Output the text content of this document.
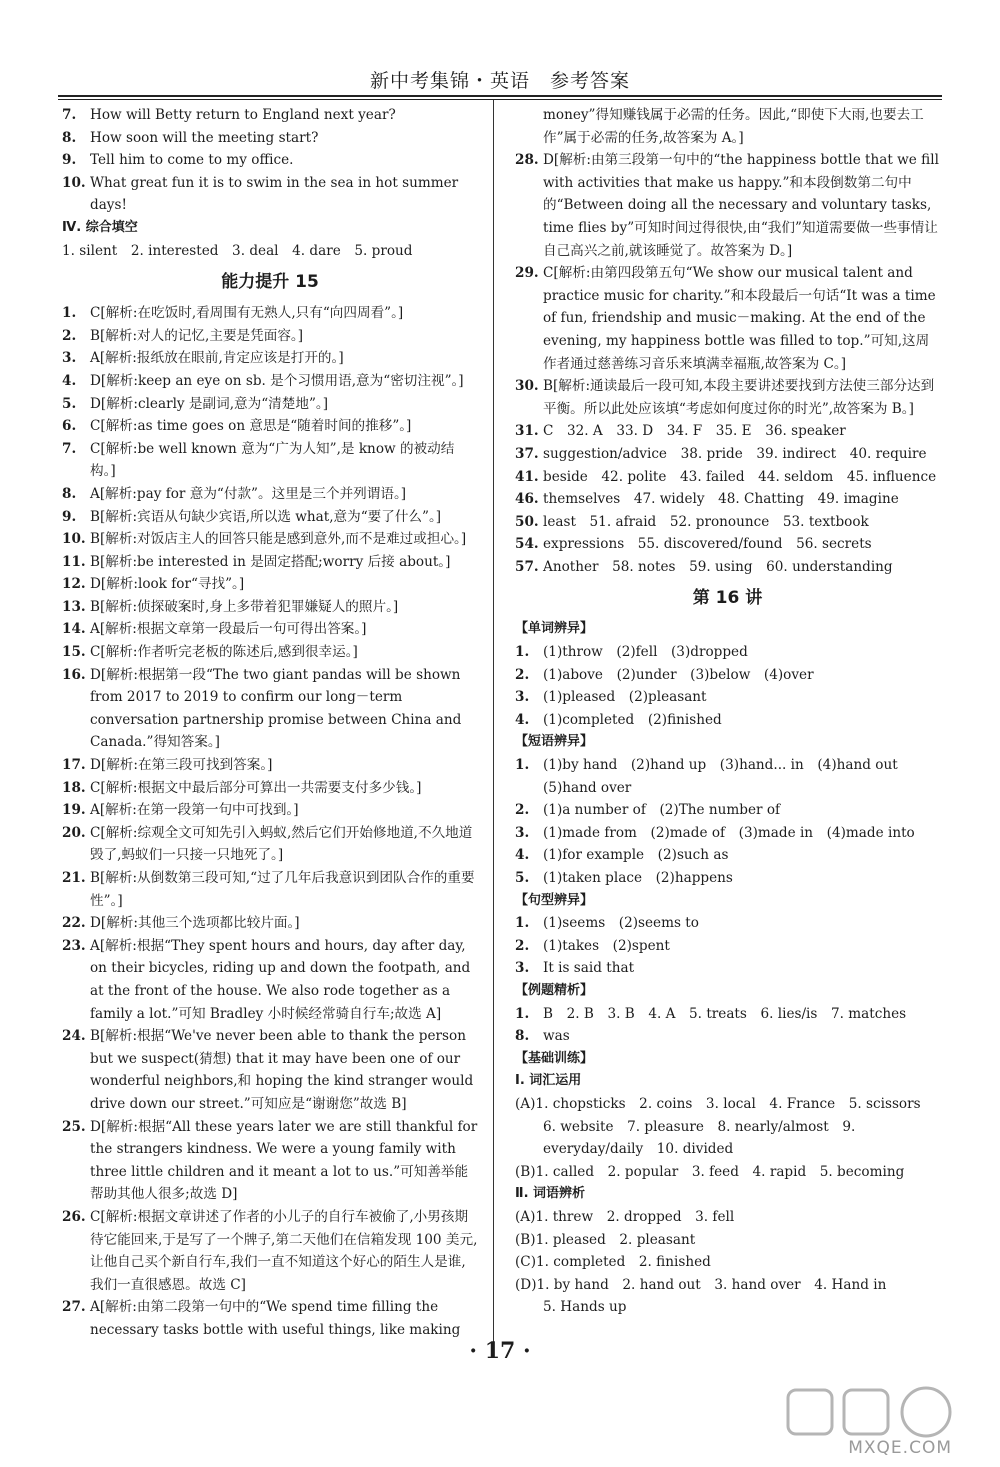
新中考集锦・英语　参考答案
7. How will Betty return to England next year?
8. How soon will the meeting start?
9. Tell him to come to my office.
10. What great fun it is to swim in the sea in hot summer days!
Ⅳ. 综合填空
1. silent　2. interested　3. deal　4. dare　5. proud
能力提升 15
1. C[解析:在吃饭时,看周围有无熟人,只有“向四周看”。]
2. B[解析:对人的记忆,主要是凭面容。]
3. A[解析:报纸放在眼前,肯定应该是打开的。]
4. D[解析:keep an eye on sb. 是个习惯用语,意为“密切注视”。]
5. D[解析:clearly 是副词,意为“清楚地”。]
6. C[解析:as time goes on 意思是“随着时间的推移”。]
7. C[解析:be well known 意为“广为人知”,是 know 的被动结构。]
8. A[解析:pay for 意为“付款”。这里是三个并列谓语。]
9. B[解析:宾语从句缺少宾语,所以选 what,意为“要了什么”。]
10. B[解析:对饭店主人的回答只能是感到意外,而不是难过或担心。]
11. B[解析:be interested in 是固定搭配;worry 后接 about。]
12. D[解析:look for“寻找”。]
13. B[解析:侦探破案时,身上多带着犯罪嫌疑人的照片。]
14. A[解析:根据文章第一段最后一句可得出答案。]
15. C[解析:作者听完老板的陈述后,感到很幸运。]
16. D[解析:根据第一段“The two giant pandas will be shown from 2017 to 2019 to confirm our long－term conversation partnership promise between China and Canada.”得知答案。]
17. D[解析:在第三段可找到答案。]
18. C[解析:根据文中最后部分可算出一共需要支付多少钱。]
19. A[解析:在第一段第一句中可找到。]
20. C[解析:综观全文可知先引入蚂蚁,然后它们开始修地道,不久地道毁了,蚂蚁们一只接一只地死了。]
21. B[解析:从倒数第三段可知,“过了几年后我意识到团队合作的重要性”。]
22. D[解析:其他三个选项都比较片面。]
23. A[解析:根据“They spent hours and hours, day after day, on their bicycles, riding up and down the footpath, and at the front of the house. We also rode together as a family a lot.”可知 Bradley 小时候经常骑自行车;故选 A]
24. B[解析:根据“We've never been able to thank the person but we suspect(猜想) that it may have been one of our wonderful neighbors,和 hoping the kind stranger would drive down our street.”可知应是“谢谢您”故选 B]
25. D[解析:根据“All these years later we are still thankful for the strangers kindness. We were a young family with three little children and it meant a lot to us.”可知善举能帮助其他人很多;故选 D]
26. C[解析:根据文章讲述了作者的小儿子的自行车被偷了,小男孩期待它能回来,于是写了一个牌子,第二天他们在信箱发现 100 美元,让他自己买个新自行车,我们一直不知道这个好心的陌生人是谁,我们一直很感恩。故选 C]
27. A[解析:由第二段第一句中的“We spend time filling the necessary tasks bottle with useful things, like making
money”得知赚钱属于必需的任务。因此,“即使下大雨,也要去工作”属于必需的任务,故答案为 A。]
28. D[解析:由第三段第一句中的“the happiness bottle that we fill with activities that make us happy.”和本段倒数第二句中的“Between doing all the necessary and voluntary tasks, time flies by”可知时间过得很快,由“我们”知道需要做一些事情让自己高兴之前,就该睡觉了。故答案为 D。]
29. C[解析:由第四段第五句“We show our musical talent and practice music for charity.”和本段最后一句话“It was a time of fun, friendship and music－making. At the end of the evening, my happiness bottle was filled to top.”可知,这周作者通过慈善练习音乐来填满幸福瓶,故答案为 C。]
30. B[解析:通读最后一段可知,本段主要讲述要找到方法使三部分达到平衡。所以此处应该填“考虑如何度过你的时光”,故答案为 B。]
31. C　32. A　33. D　34. F　35. E　36. speaker
37. suggestion/advice　38. pride　39. indirect　40. require
41. beside　42. polite　43. failed　44. seldom　45. influence
46. themselves　47. widely　48. Chatting　49. imagine
50. least　51. afraid　52. pronounce　53. textbook
54. expressions　55. discovered/found　56. secrets
57. Another　58. notes　59. using　60. understanding
第 16 讲
【单词辨异】
1. (1)throw　(2)fell　(3)dropped
2. (1)above　(2)under　(3)below　(4)over
3. (1)pleased　(2)pleasant
4. (1)completed　(2)finished
【短语辨异】
1. (1)by hand　(2)hand up　(3)hand... in　(4)hand out　(5)hand over
2. (1)a number of　(2)The number of
3. (1)made from　(2)made of　(3)made in　(4)made into
4. (1)for example　(2)such as
5. (1)taken place　(2)happens
【句型辨异】
1. (1)seems　(2)seems to
2. (1)takes　(2)spent
3. It is said that
【例题精析】
1. B　2. B　3. B　4. A　5. treats　6. lies/is　7. matches
8. was
【基础训练】
Ⅰ. 词汇运用
(A)1. chopsticks　2. coins　3. local　4. France　5. scissors
6. website　7. pleasure　8. nearly/almost　9. everyday/daily　10. divided
(B)1. called　2. popular　3. feed　4. rapid　5. becoming
Ⅱ. 词语辨析
(A)1. threw　2. dropped　3. fell
(B)1. pleased　2. pleasant
(C)1. completed　2. finished
(D)1. by hand　2. hand out　3. hand over　4. Hand in
5. Hands up
· 17 ·
MXQE.COM
